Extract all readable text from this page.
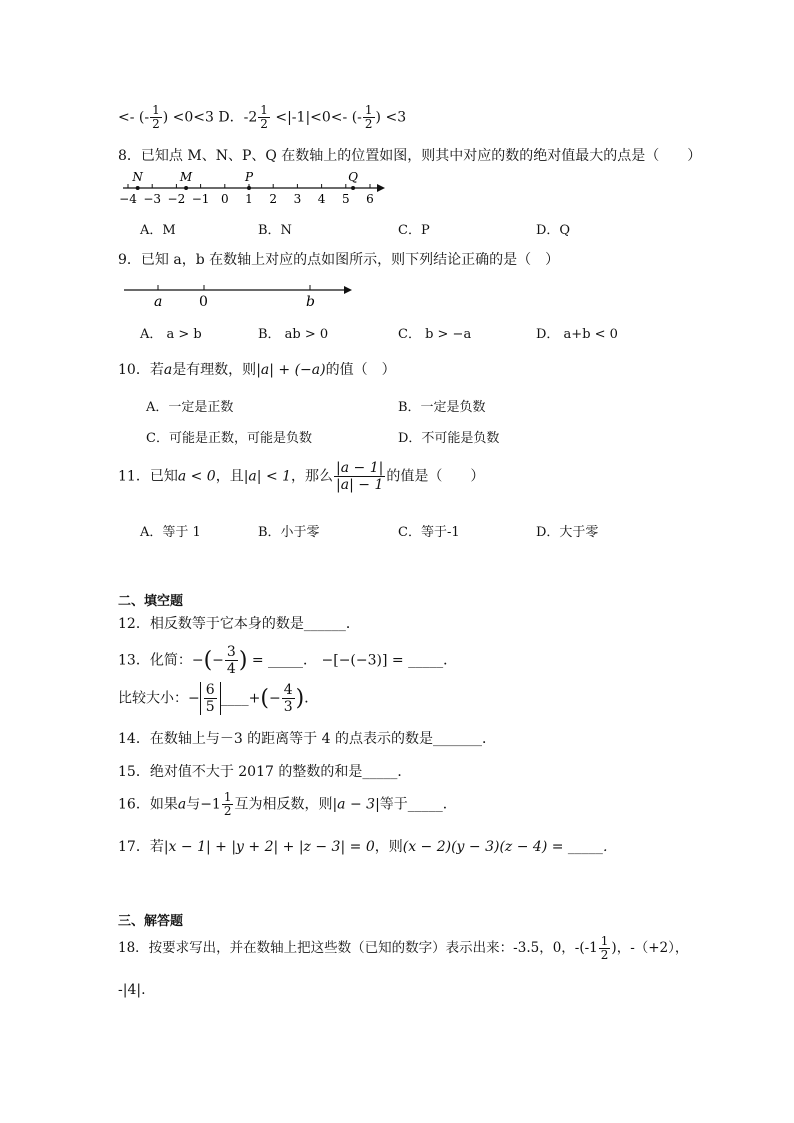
<- (- $\frac{1}{2}$ ) <0<3 D．$-2 \frac{1}{2} <|-1|<0<-$ (- $\frac{1}{2}$ ) <3
8．已知点 M、N、P、Q 在数轴上的位置如图，则其中对应的数的绝对值最大的点是（　　）
−4 −3 −2 −1 0 1 2 3 4 5 6
N	M	P	Q
A．M	B．N	C．P	D．Q
9．已知 a，b 在数轴上对应的点如图所示，则下列结论正确的是（　）
a	0	b
A． a > b	B． ab > 0	C． b > −a	D． a+b < 0
10．若a是有理数，则|a| + (−a)的值（　）
A．一定是正数	B．一定是负数
C．可能是正数，可能是负数	D．不可能是负数
11．已知a < 0，且|a| < 1，那么 $\frac{|a - 1|}{|a| - 1}$ 的值是（　　）
A．等于 1	B．小于零	C．等于-1	D．大于零
二、填空题
12．相反数等于它本身的数是______．
13．化简：−(− $\frac{3}{4}$ ) = _____． −[−(−3)] = _____．
比较大小：− $\frac{6}{5}$ ____+(− $\frac{4}{3}$ )．
14．在数轴上与－3 的距离等于 4 的点表示的数是_______．
15．绝对值不大于 2017 的整数的和是_____．
16．如果a与$-1 \frac{1}{2}$ 互为相反数，则|a − 3|等于_____．
17．若|x − 1| + |y + 2| + |z − 3| = 0，则(x − 2)(y − 3)(z − 4) = _____．
三、解答题
18．按要求写出，并在数轴上把这些数（已知的数字）表示出来：-3.5，0，$-(-1 \frac{1}{2}$ )，-（+2），
-|4|.
